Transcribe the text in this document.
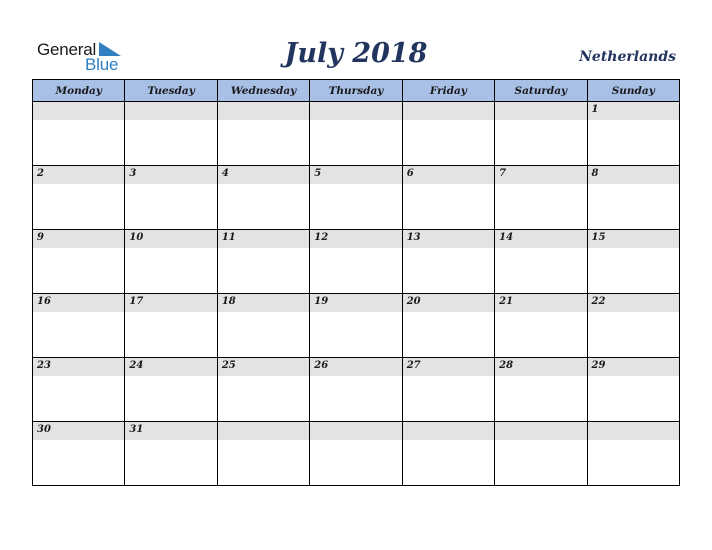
General
Blue	July 2018	Netherlands
Monday	Tuesday	Wednesday	Thursday	Friday	Saturday	Sunday

						1

2	3	4	5	6	7	8

9	10	11	12	13	14	15

16	17	18	19	20	21	22

23	24	25	26	27	28	29

30	31					
